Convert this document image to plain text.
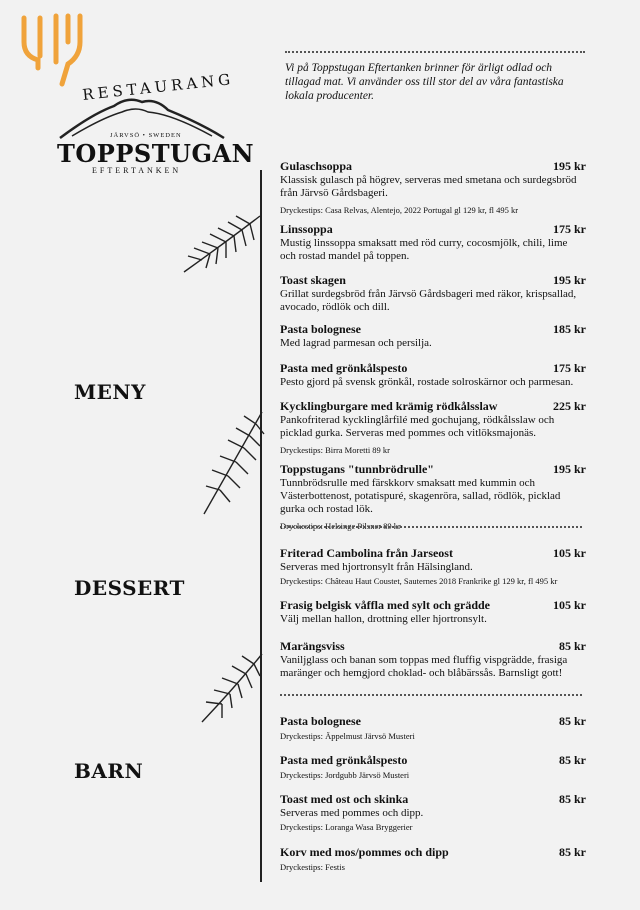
RESTAURANG
JÄRVSÖ • SWEDEN
TOPPSTUGAN
EFTERTANKEN
Vi på Toppstugan Eftertanken brinner för ärligt odlad och tillagad mat. Vi använder oss till stor del av våra fantastiska lokala producenter.
MENY
DESSERT
BARN
Gulaschsoppa	195 kr
Klassisk gulasch på högrev, serveras med smetana och surdegsbröd från Järvsö Gårdsbageri.
Dryckestips: Casa Relvas, Alentejo, 2022 Portugal gl 129 kr, fl 495 kr
Linssoppa	175 kr
Mustig linssoppa smaksatt med röd curry, cocosmjölk, chili, lime och rostad mandel på toppen.
Toast skagen	195 kr
Grillat surdegsbröd från Järvsö Gårdsbageri med räkor, krispsallad, avocado, rödlök och dill.
Pasta bolognese	185 kr
Med lagrad parmesan och persilja.
Pasta med grönkålspesto	175 kr
Pesto gjord på svensk grönkål, rostade solroskärnor och parmesan.
Kycklingburgare med krämig rödkålsslaw	225 kr
Pankofriterad kycklinglårfilé med gochujang, rödkålsslaw och picklad gurka. Serveras med pommes och vitlöksmajonäs.
Dryckestips: Birra Moretti 89 kr
Toppstugans "tunnbrödrulle"	195 kr
Tunnbrödsrulle med färskkorv smaksatt med kummin och Västerbottenost, potatispuré, skagenröra, sallad, rödlök, picklad gurka och rostad lök.
Dryckestips: Helsinge Pilsner 89 kr
Friterad Cambolina från Jarseost	105 kr
Serveras med hjortronsylt från Hälsingland.
Dryckestips: Château Haut Coustet, Sauternes 2018 Frankrike gl 129 kr, fl 495 kr
Frasig belgisk våffla med sylt och grädde	105 kr
Välj mellan hallon, drottning eller hjortronsylt.
Marängsviss	85 kr
Vaniljglass och banan som toppas med fluffig vispgrädde, frasiga maränger och hemgjord choklad- och blåbärssås. Barnsligt gott!
Pasta bolognese	85 kr
Dryckestips: Äppelmust Järvsö Musteri
Pasta med grönkålspesto	85 kr
Dryckestips: Jordgubb Järvsö Musteri
Toast med ost och skinka	85 kr
Serveras med pommes och dipp.
Dryckestips: Loranga Wasa Bryggerier
Korv med mos/pommes och dipp	85 kr
Dryckestips: Festis
